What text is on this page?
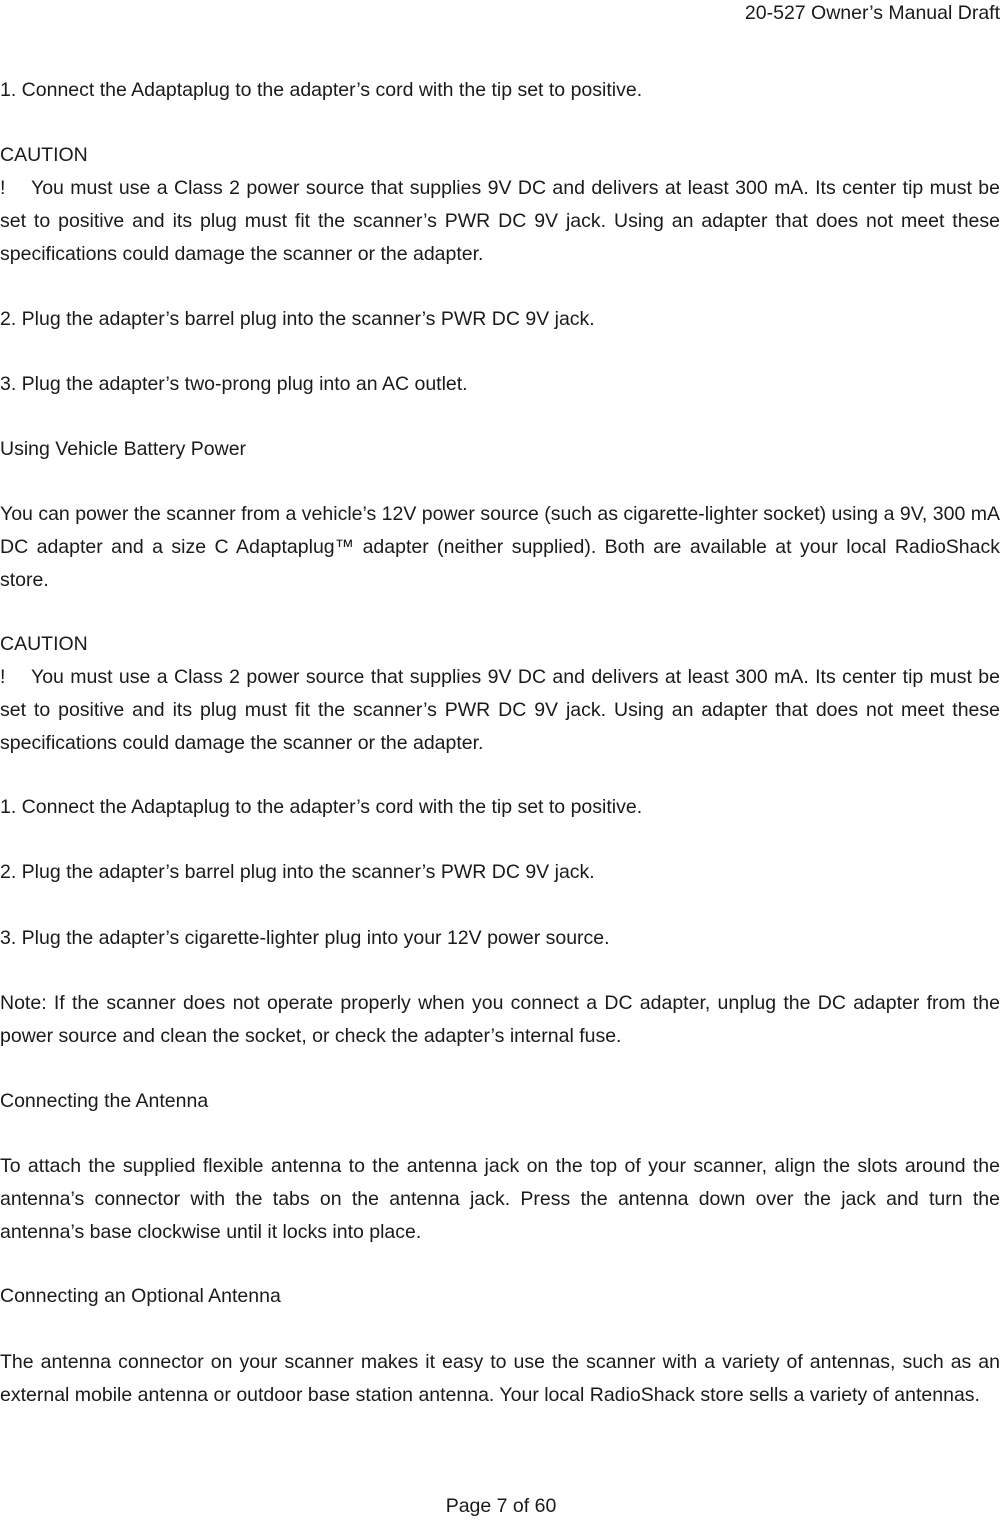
20-527 Owner’s Manual Draft
1. Connect the Adaptaplug to the adapter’s cord with the tip set to positive.
CAUTION
! You must use a Class 2 power source that supplies 9V DC and delivers at least 300 mA. Its center tip must be set to positive and its plug must fit the scanner’s PWR DC 9V jack. Using an adapter that does not meet these specifications could damage the scanner or the adapter.
2. Plug the adapter’s barrel plug into the scanner’s PWR DC 9V jack.
3. Plug the adapter’s two-prong plug into an AC outlet.
Using Vehicle Battery Power
You can power the scanner from a vehicle’s 12V power source (such as cigarette-lighter socket) using a 9V, 300 mA DC adapter and a size C Adaptaplug™ adapter (neither supplied). Both are available at your local RadioShack store.
CAUTION
! You must use a Class 2 power source that supplies 9V DC and delivers at least 300 mA. Its center tip must be set to positive and its plug must fit the scanner’s PWR DC 9V jack. Using an adapter that does not meet these specifications could damage the scanner or the adapter.
1. Connect the Adaptaplug to the adapter’s cord with the tip set to positive.
2. Plug the adapter’s barrel plug into the scanner’s PWR DC 9V jack.
3. Plug the adapter’s cigarette-lighter plug into your 12V power source.
Note: If the scanner does not operate properly when you connect a DC adapter, unplug the DC adapter from the power source and clean the socket, or check the adapter’s internal fuse.
Connecting the Antenna
To attach the supplied flexible antenna to the antenna jack on the top of your scanner, align the slots around the antenna’s connector with the tabs on the antenna jack. Press the antenna down over the jack and turn the antenna’s base clockwise until it locks into place.
Connecting an Optional Antenna
The antenna connector on your scanner makes it easy to use the scanner with a variety of antennas, such as an external mobile antenna or outdoor base station antenna. Your local RadioShack store sells a variety of antennas.
Page 7 of 60
